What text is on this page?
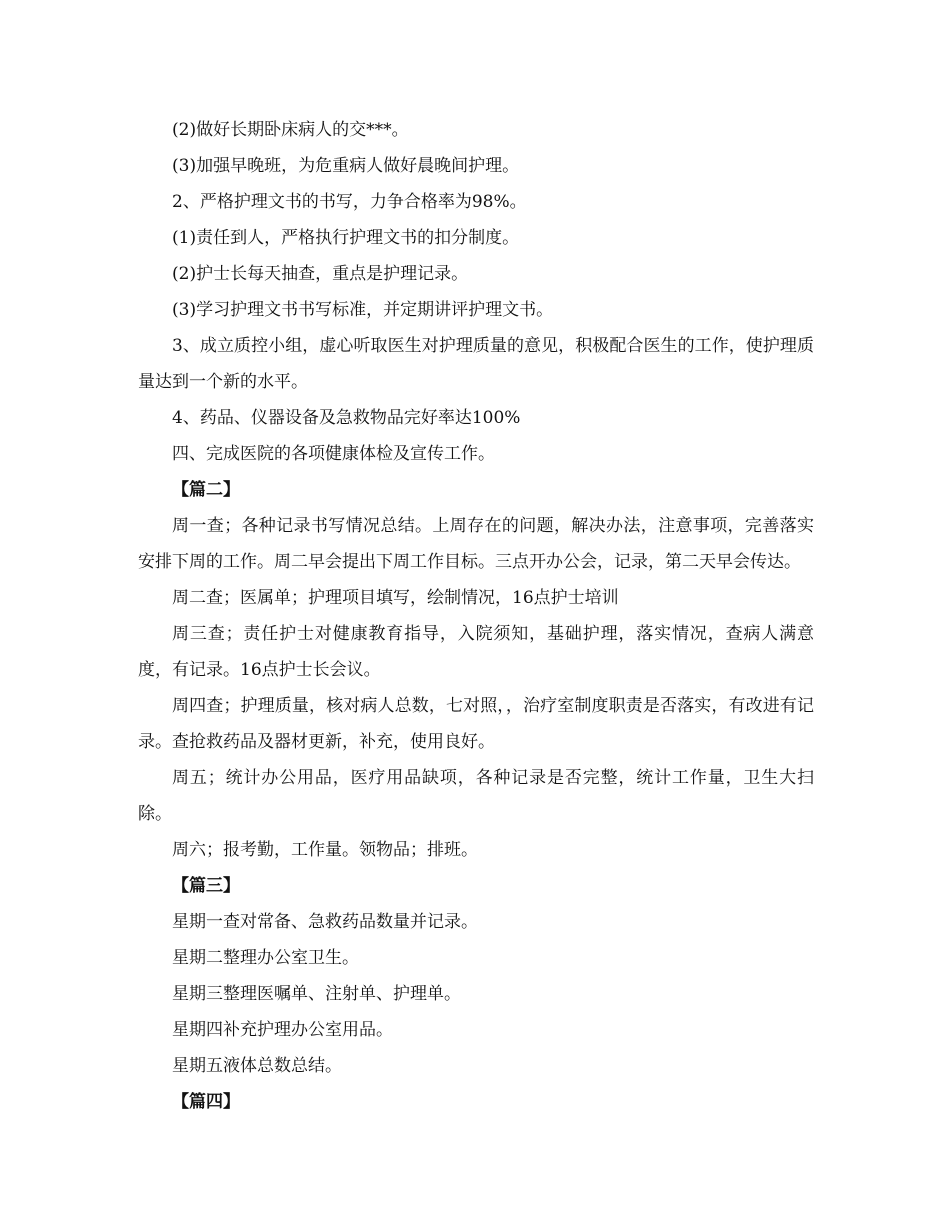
(2)做好长期卧床病人的交***。

(3)加强早晚班，为危重病人做好晨晚间护理。

2、严格护理文书的书写，力争合格率为98%。

(1)责任到人，严格执行护理文书的扣分制度。

(2)护士长每天抽查，重点是护理记录。

(3)学习护理文书书写标准，并定期讲评护理文书。

3、成立质控小组，虚心听取医生对护理质量的意见，积极配合医生的工作，使护理质量达到一个新的水平。

4、药品、仪器设备及急救物品完好率达100%

四、完成医院的各项健康体检及宣传工作。

【篇二】

周一查；各种记录书写情况总结。上周存在的问题，解决办法，注意事项，完善落实安排下周的工作。周二早会提出下周工作目标。三点开办公会，记录，第二天早会传达。

周二查；医属单；护理项目填写，绘制情况，16点护士培训

周三查；责任护士对健康教育指导，入院须知，基础护理，落实情况，查病人满意度，有记录。16点护士长会议。

周四查；护理质量，核对病人总数，七对照，，治疗室制度职责是否落实，有改进有记录。查抢救药品及器材更新，补充，使用良好。

周五；统计办公用品，医疗用品缺项，各种记录是否完整，统计工作量，卫生大扫除。

周六；报考勤，工作量。领物品；排班。

【篇三】

星期一查对常备、急救药品数量并记录。

星期二整理办公室卫生。

星期三整理医嘱单、注射单、护理单。

星期四补充护理办公室用品。

星期五液体总数总结。

【篇四】
